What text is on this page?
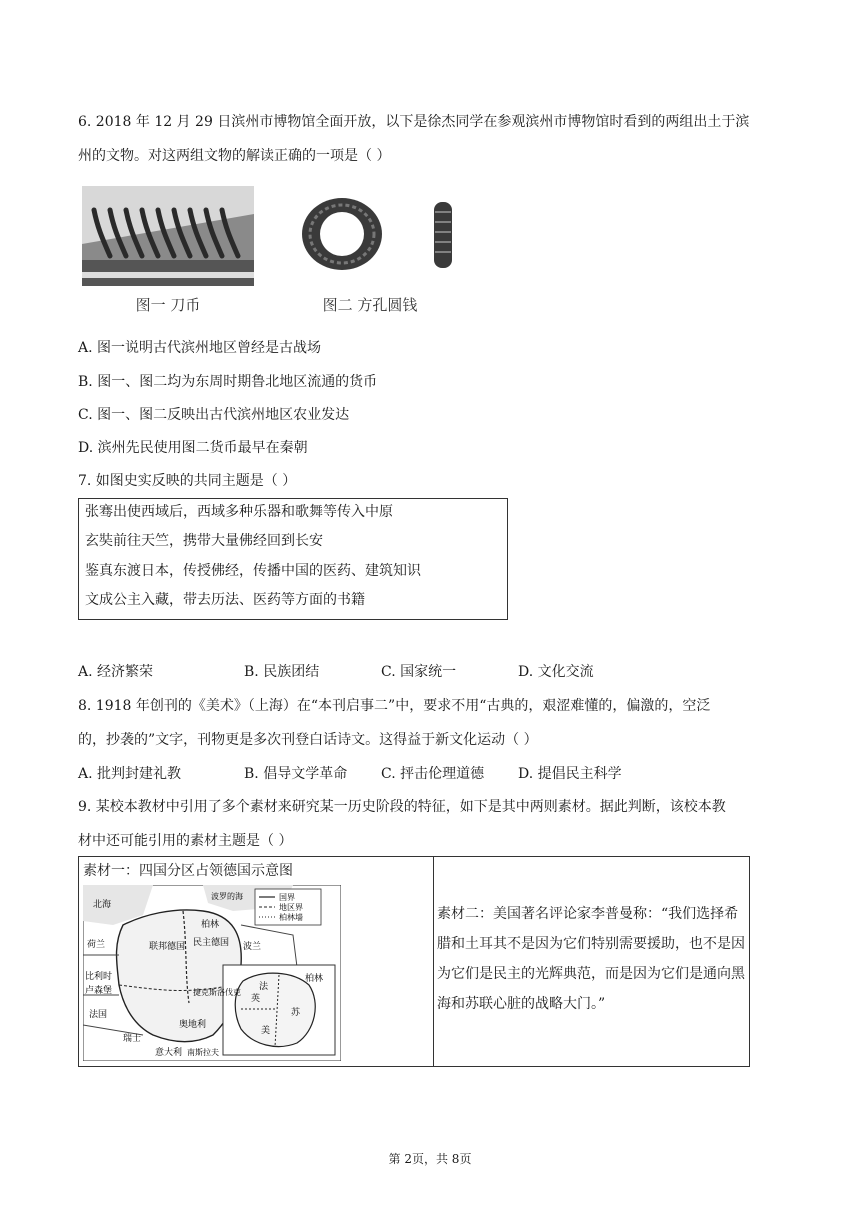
6. 2018 年 12 月 29 日滨州市博物馆全面开放，以下是徐杰同学在参观滨州市博物馆时看到的两组出土于滨
州的文物。对这两组文物的解读正确的一项是（ ）
图一 刀币	图二 方孔圆钱
A. 图一说明古代滨州地区曾经是古战场
B. 图一、图二均为东周时期鲁北地区流通的货币
C. 图一、图二反映出古代滨州地区农业发达
D. 滨州先民使用图二货币最早在秦朝
7. 如图史实反映的共同主题是（ ）
张骞出使西域后，西域多种乐器和歌舞等传入中原
玄奘前往天竺，携带大量佛经回到长安
鉴真东渡日本，传授佛经，传播中国的医药、建筑知识
文成公主入藏，带去历法、医药等方面的书籍
A. 经济繁荣	B. 民族团结	C. 国家统一	D. 文化交流
8. 1918 年创刊的《美术》（上海）在“本刊启事二”中，要求不用“古典的，艰涩难懂的，偏激的，空泛
的，抄袭的”文字，刊物更是多次刊登白话诗文。这得益于新文化运动（ ）
A. 批判封建礼教	B. 倡导文学革命 C. 抨击伦理道德 D. 提倡民主科学
9. 某校本教材中引用了多个素材来研究某一历史阶段的特征，如下是其中两则素材。据此判断，该校本教
材中还可能引用的素材主题是（ ）
素材一：四国分区占领德国示意图
国界
地区界
柏林墙
北海
波罗的海
联邦德国 民主德国
柏林
波兰
荷兰
比利时
卢森堡
法国
瑞士
奥地利
意大利 南斯拉夫
捷克斯洛伐克
柏林
英
美
法
苏
素材二：美国著名评论家李普曼称：“我们选择希腊和土耳其不是因为它们特别需要援助，也不是因为它们是民主的光辉典范，而是因为它们是通向黑海和苏联心脏的战略大门。”
第 2页，共 8页
